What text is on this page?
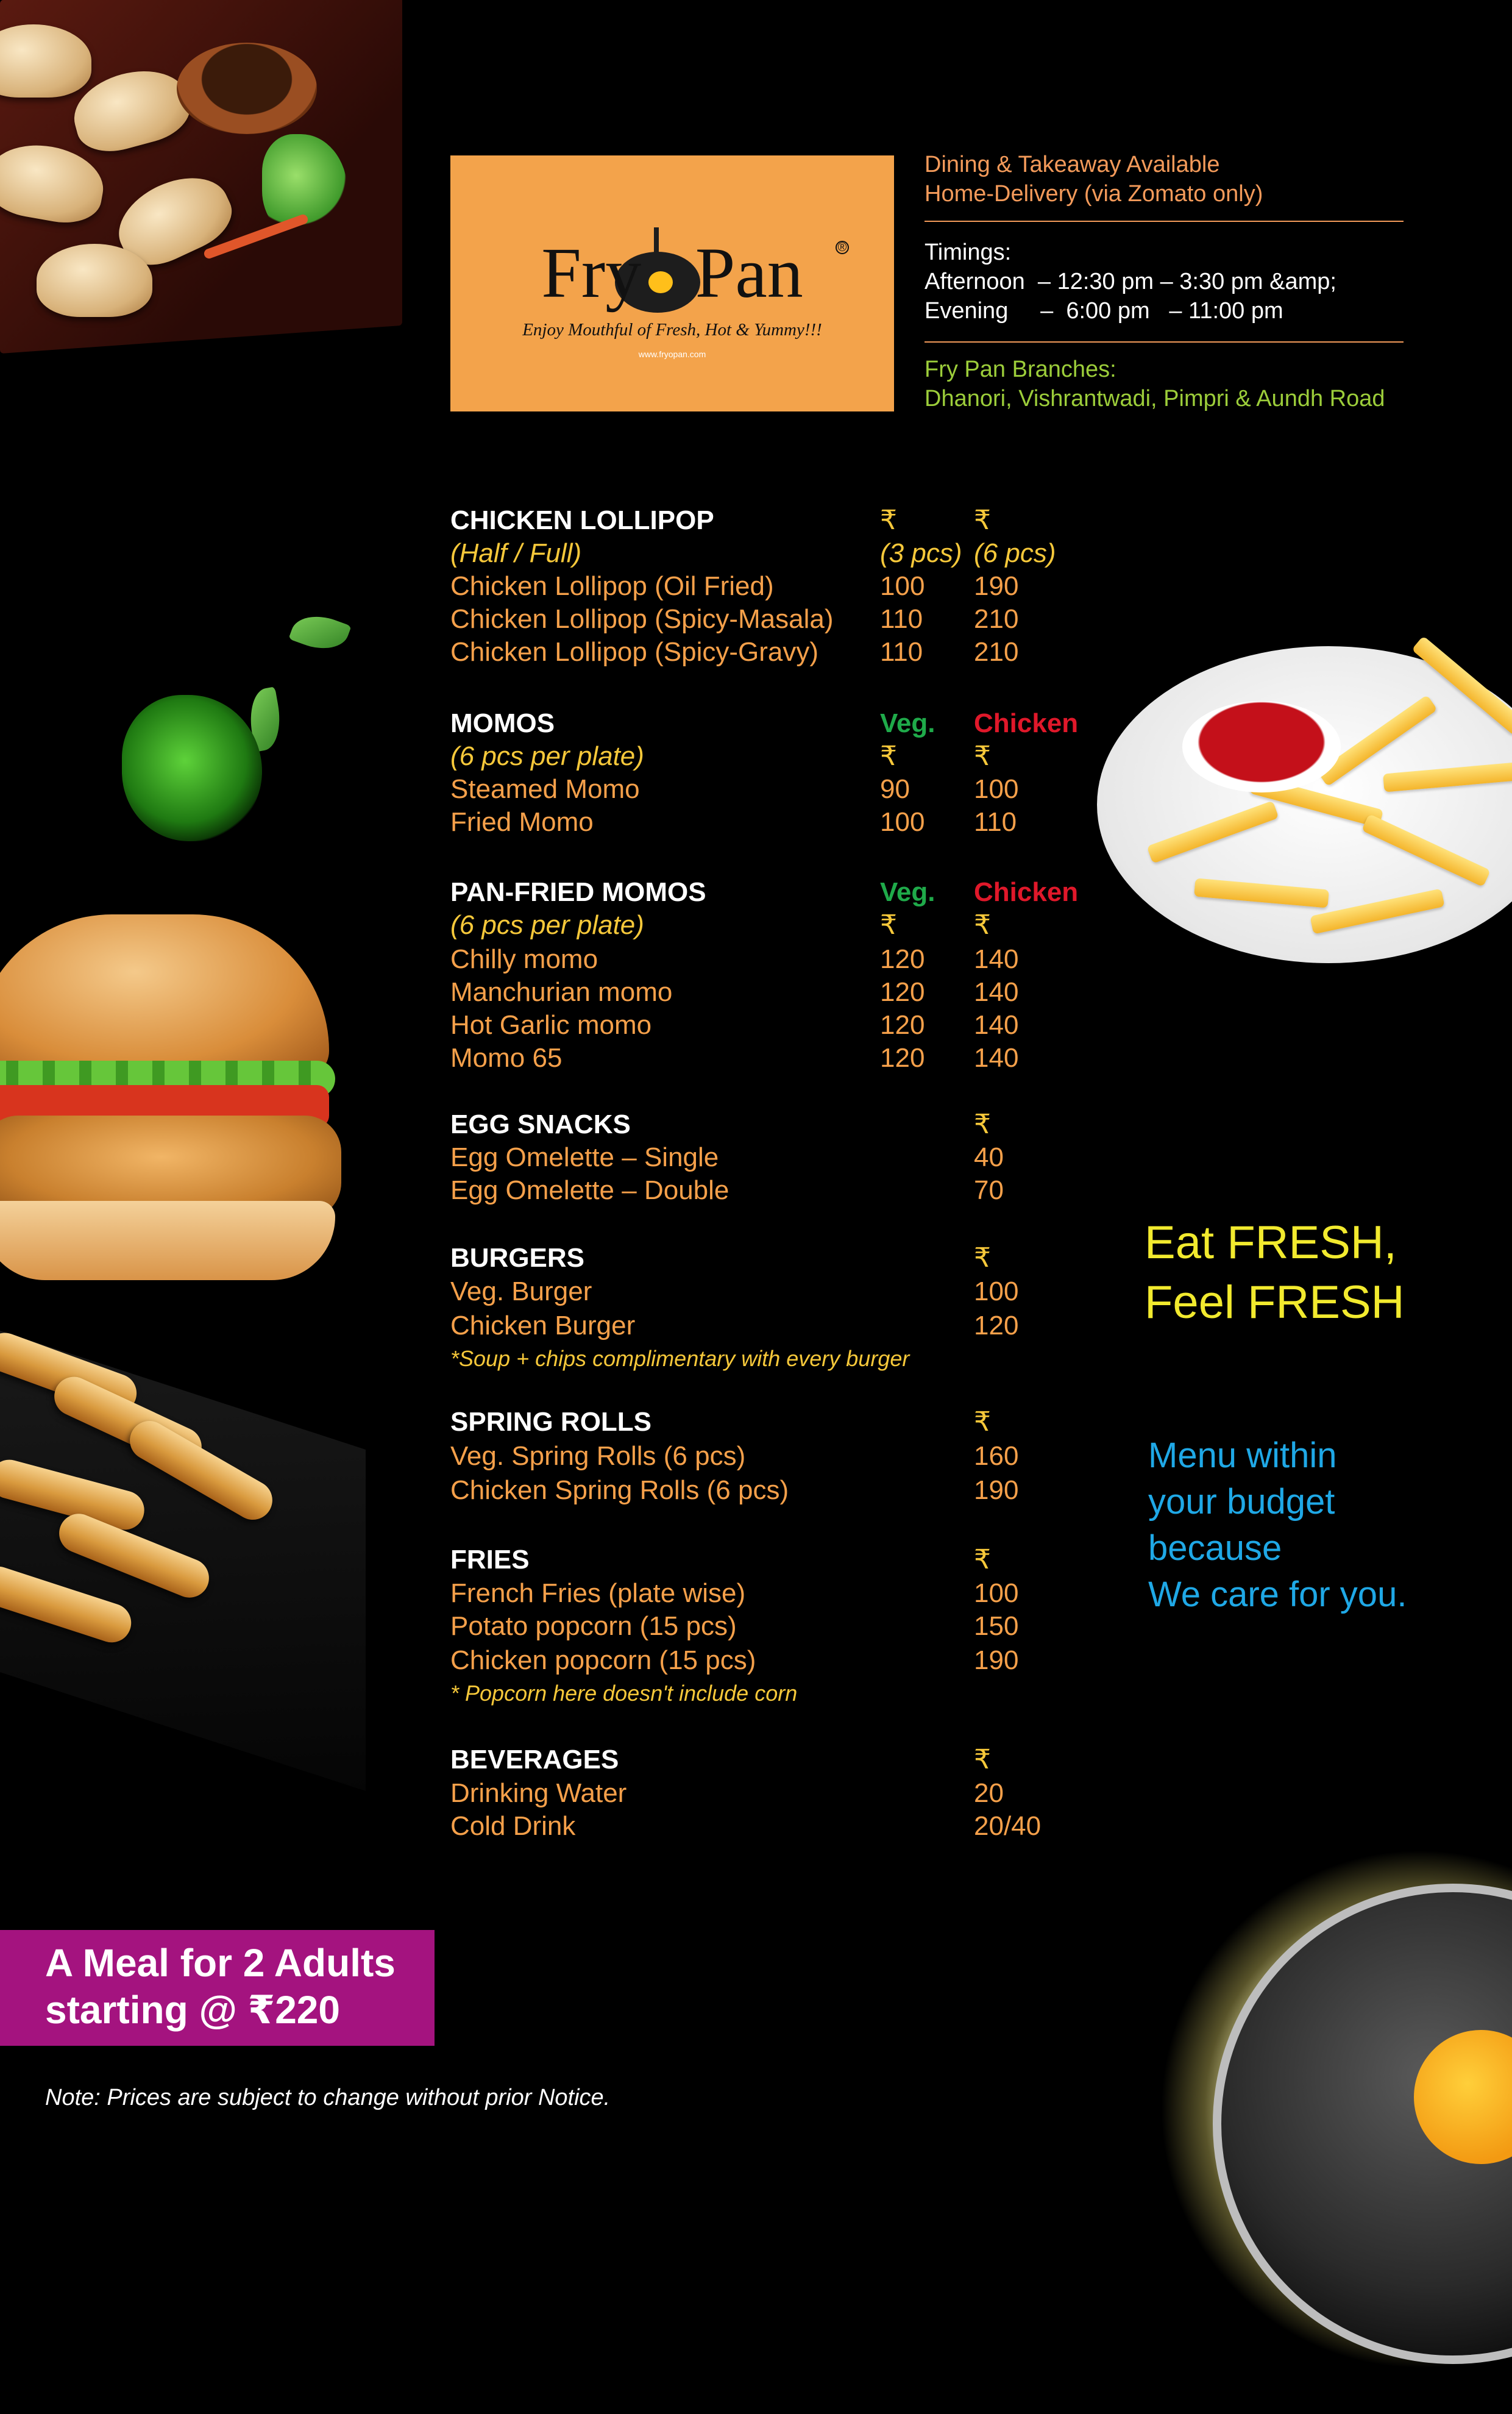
Fry   Pan	®
Enjoy Mouthful of Fresh, Hot & Yummy!!!
www.fryopan.com
Dining & Takeaway Available
Home-Delivery (via Zomato only)
Timings:
Afternoon  – 12:30 pm – 3:30 pm &amp;
Evening     –  6:00 pm   – 11:00 pm
Fry Pan Branches:
Dhanori, Vishrantwadi, Pimpri & Aundh Road
CHICKEN LOLLIPOP	₹	₹
(Half / Full)	(3 pcs) (6 pcs)
Chicken Lollipop (Oil Fried)	100 190
Chicken Lollipop (Spicy-Masala) 110 210
Chicken Lollipop (Spicy-Gravy) 110 210
MOMOS	Veg. Chicken
(6 pcs per plate)	₹	₹
Steamed Momo	90 100
Fried Momo	100 110
PAN-FRIED MOMOS	Veg. Chicken
(6 pcs per plate)	₹	₹
Chilly momo	120 140
Manchurian momo	120 140
Hot Garlic momo	120 140
Momo 65	120 140
EGG SNACKS	₹
Egg Omelette – Single	40
Egg Omelette – Double	70
BURGERS	₹
Veg. Burger	100
Chicken Burger	120
*Soup + chips complimentary with every burger
SPRING ROLLS	₹
Veg. Spring Rolls (6 pcs)	160
Chicken Spring Rolls (6 pcs)	190
FRIES	₹
French Fries (plate wise)	100
Potato popcorn (15 pcs)	150
Chicken popcorn (15 pcs)	190
* Popcorn here doesn't include corn
BEVERAGES	₹
Drinking Water	20
Cold Drink	20/40
Eat FRESH,
Feel FRESH
Menu within
your budget
because
We care for you.
A Meal for 2 Adults
starting @ ₹220
Note: Prices are subject to change without prior Notice.
